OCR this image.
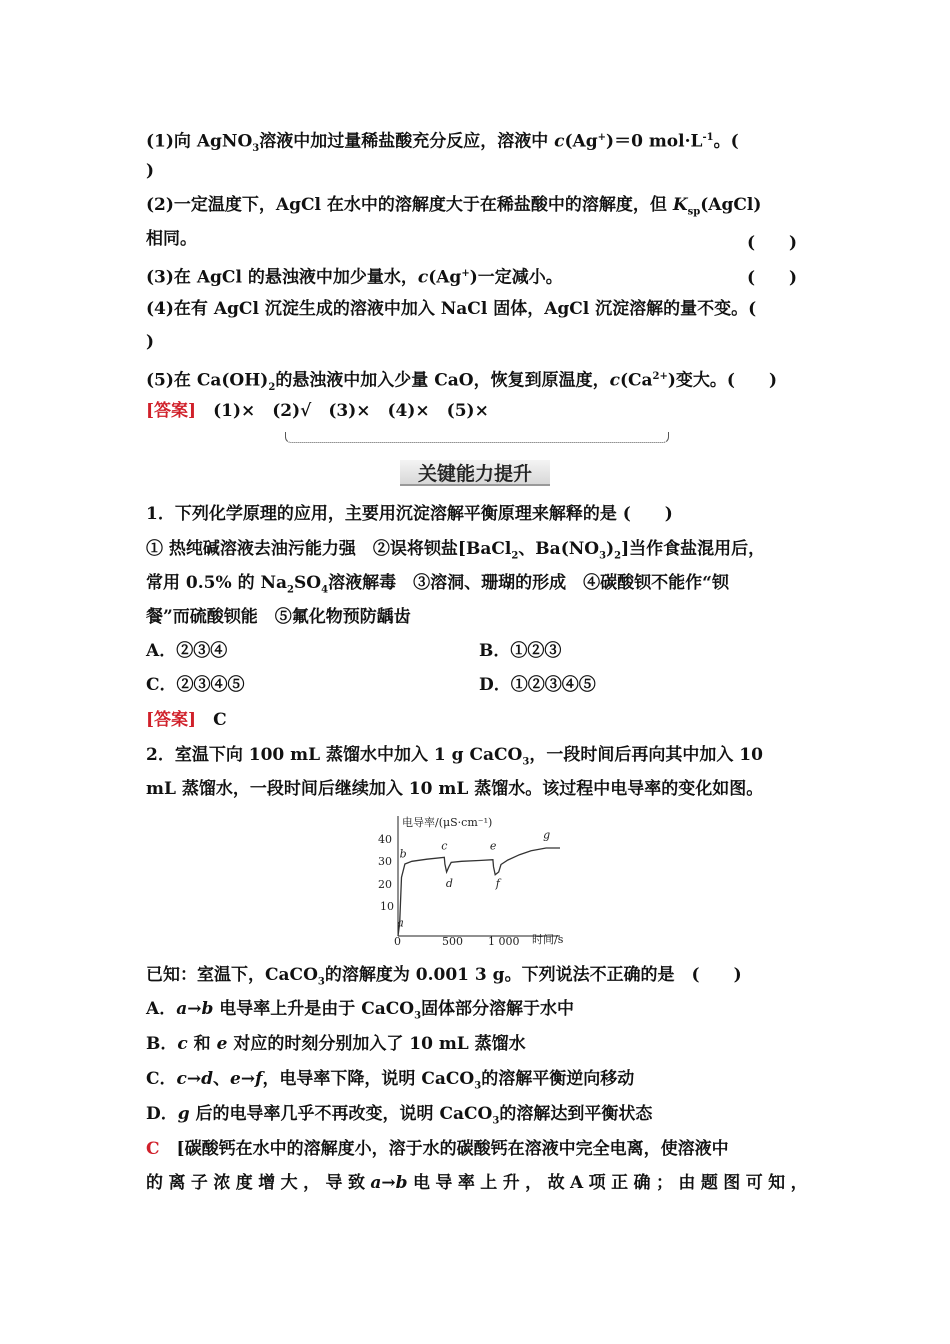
(1)向 AgNO$_3$溶液中加过量稀盐酸充分反应，溶液中 c(Ag+)＝0 $mol\cdot L^{-1}$。(
)
(2)一定温度下，AgCl 在水中的溶解度大于在稀盐酸中的溶解度，但 $K_{sp}(AgCl)$
相同。	(　　)
(3)在 AgCl 的悬浊液中加少量水，c(Ag+)一定减小。	(　　)
(4)在有 AgCl 沉淀生成的溶液中加入 NaCl 固体，AgCl 沉淀溶解的量不变。(
)
(5)在 $Ca(OH)_2$的悬浊液中加入少量 CaO，恢复到原温度，$c(Ca^{2+})$变大。(　　)
[答案]　 (1)×　(2)√　(3)×　(4)×　(5)×
关键能力提升
1．下列化学原理的应用，主要用沉淀溶解平衡原理来解释的是 (　　)
① 热纯碱溶液去油污能力强　②误将钡盐[BaCl$_2$、$Ba(NO_3)_2$]当作食盐混用后，
常用 0.5% 的 $Na_2SO_4$溶液解毒　③溶洞、珊瑚的形成　④碳酸钡不能作“钡
餐”而硫酸钡能　⑤氟化物预防龋齿
A．②③④	B．①②③
C．②③④⑤	D．①②③④⑤
[答案]　 C
2．室温下向 100 mL 蒸馏水中加入 1 g CaCO$_3$，一段时间后再向其中加入 10
mL 蒸馏水，一段时间后继续加入 10 mL 蒸馏水。该过程中电导率的变化如图。
电导率/(μS·cm⁻¹)
时间/s
40
30
20
10
0	500 1 000
a
b
c
d
e
f
g
已知：室温下，CaCO$_3$的溶解度为 0.001 3 g。下列说法不正确的是　(　　)
A．a→b 电导率上升是由于 CaCO$_3$固体部分溶解于水中
B．c 和 e 对应的时刻分别加入了 10 mL 蒸馏水
C．c→d、e→f，电导率下降，说明 CaCO$_3$的溶解平衡逆向移动
D．g 后的电导率几乎不再改变，说明 CaCO$_3$的溶解达到平衡状态
C　 [碳酸钙在水中的溶解度小，溶于水的碳酸钙在溶液中完全电离，使溶液中
的 离 子 浓 度 增 大 ， 导 致 a→b 电 导 率 上 升 ， 故 A 项 正 确 ； 由 题 图 可 知 ，
